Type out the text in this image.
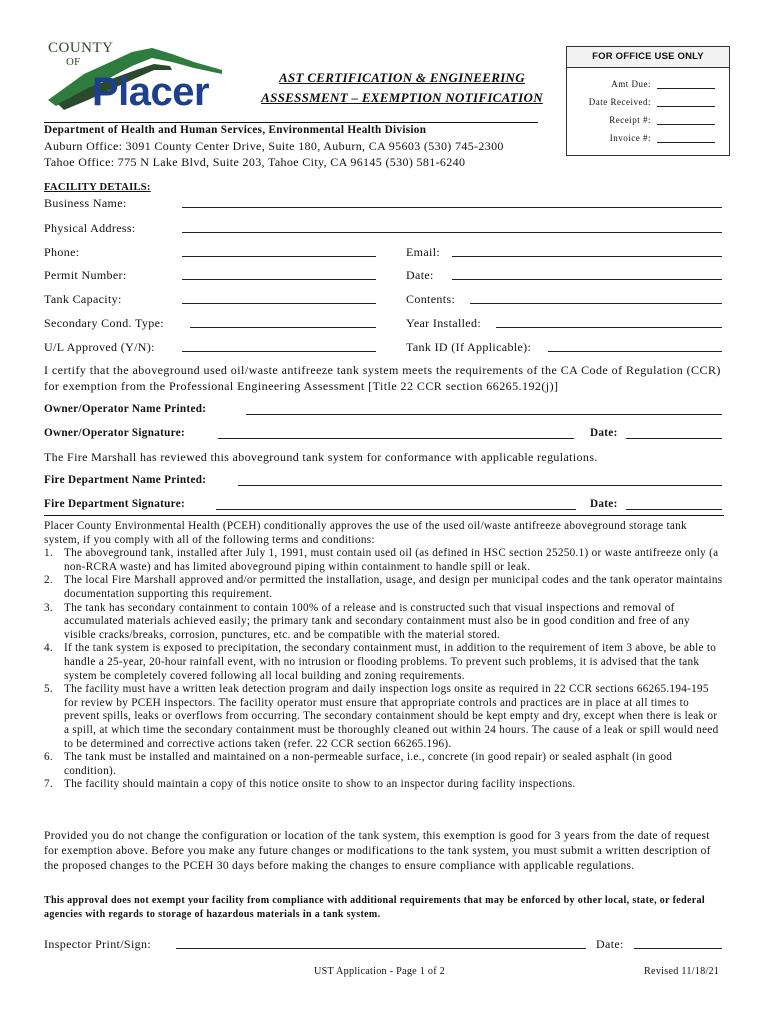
COUNTY
OF
Placer	AST CERTIFICATION & ENGINEERING
ASSESSMENT – EXEMPTION NOTIFICATION
FOR OFFICE USE ONLY
Amt Due:
Date Received:
Receipt #:
Invoice #:
Department of Health and Human Services, Environmental Health Division
Auburn Office: 3091 County Center Drive, Suite 180, Auburn, CA 95603 (530) 745-2300
Tahoe Office: 775 N Lake Blvd, Suite 203, Tahoe City, CA 96145 (530) 581-6240
FACILITY DETAILS:
Business Name:
Physical Address:
Phone:	Email:
Permit Number:	Date:
Tank Capacity:	Contents:
Secondary Cond. Type:	Year Installed:
U/L Approved (Y/N):	Tank ID (If Applicable):
I certify that the aboveground used oil/waste antifreeze tank system meets the requirements of the CA Code of Regulation (CCR) for exemption from the Professional Engineering Assessment [Title 22 CCR section 66265.192(j)]
Owner/Operator Name Printed:
Owner/Operator Signature:	Date:
The Fire Marshall has reviewed this aboveground tank system for conformance with applicable regulations.
Fire Department Name Printed:
Fire Department Signature:	Date:
Placer County Environmental Health (PCEH) conditionally approves the use of the used oil/waste antifreeze aboveground storage tank system, if you comply with all of the following terms and conditions:
1. The aboveground tank, installed after July 1, 1991, must contain used oil (as defined in HSC section 25250.1) or waste antifreeze only (a non-RCRA waste) and has limited aboveground piping within containment to handle spill or leak.
2. The local Fire Marshall approved and/or permitted the installation, usage, and design per municipal codes and the tank operator maintains documentation supporting this requirement.
3. The tank has secondary containment to contain 100% of a release and is constructed such that visual inspections and removal of accumulated materials achieved easily; the primary tank and secondary containment must also be in good condition and free of any visible cracks/breaks, corrosion, punctures, etc. and be compatible with the material stored.
4. If the tank system is exposed to precipitation, the secondary containment must, in addition to the requirement of item 3 above, be able to handle a 25-year, 20-hour rainfall event, with no intrusion or flooding problems. To prevent such problems, it is advised that the tank system be completely covered following all local building and zoning requirements.
5. The facility must have a written leak detection program and daily inspection logs onsite as required in 22 CCR sections 66265.194-195 for review by PCEH inspectors. The facility operator must ensure that appropriate controls and practices are in place at all times to prevent spills, leaks or overflows from occurring. The secondary containment should be kept empty and dry, except when there is leak or a spill, at which time the secondary containment must be thoroughly cleaned out within 24 hours. The cause of a leak or spill would need to be determined and corrective actions taken (refer. 22 CCR section 66265.196).
6. The tank must be installed and maintained on a non-permeable surface, i.e., concrete (in good repair) or sealed asphalt (in good condition).
7. The facility should maintain a copy of this notice onsite to show to an inspector during facility inspections.
Provided you do not change the configuration or location of the tank system, this exemption is good for 3 years from the date of request for exemption above. Before you make any future changes or modifications to the tank system, you must submit a written description of the proposed changes to the PCEH 30 days before making the changes to ensure compliance with applicable regulations.
This approval does not exempt your facility from compliance with additional requirements that may be enforced by other local, state, or federal agencies with regards to storage of hazardous materials in a tank system.
Inspector Print/Sign:	Date:
UST Application - Page 1 of 2	Revised 11/18/21
